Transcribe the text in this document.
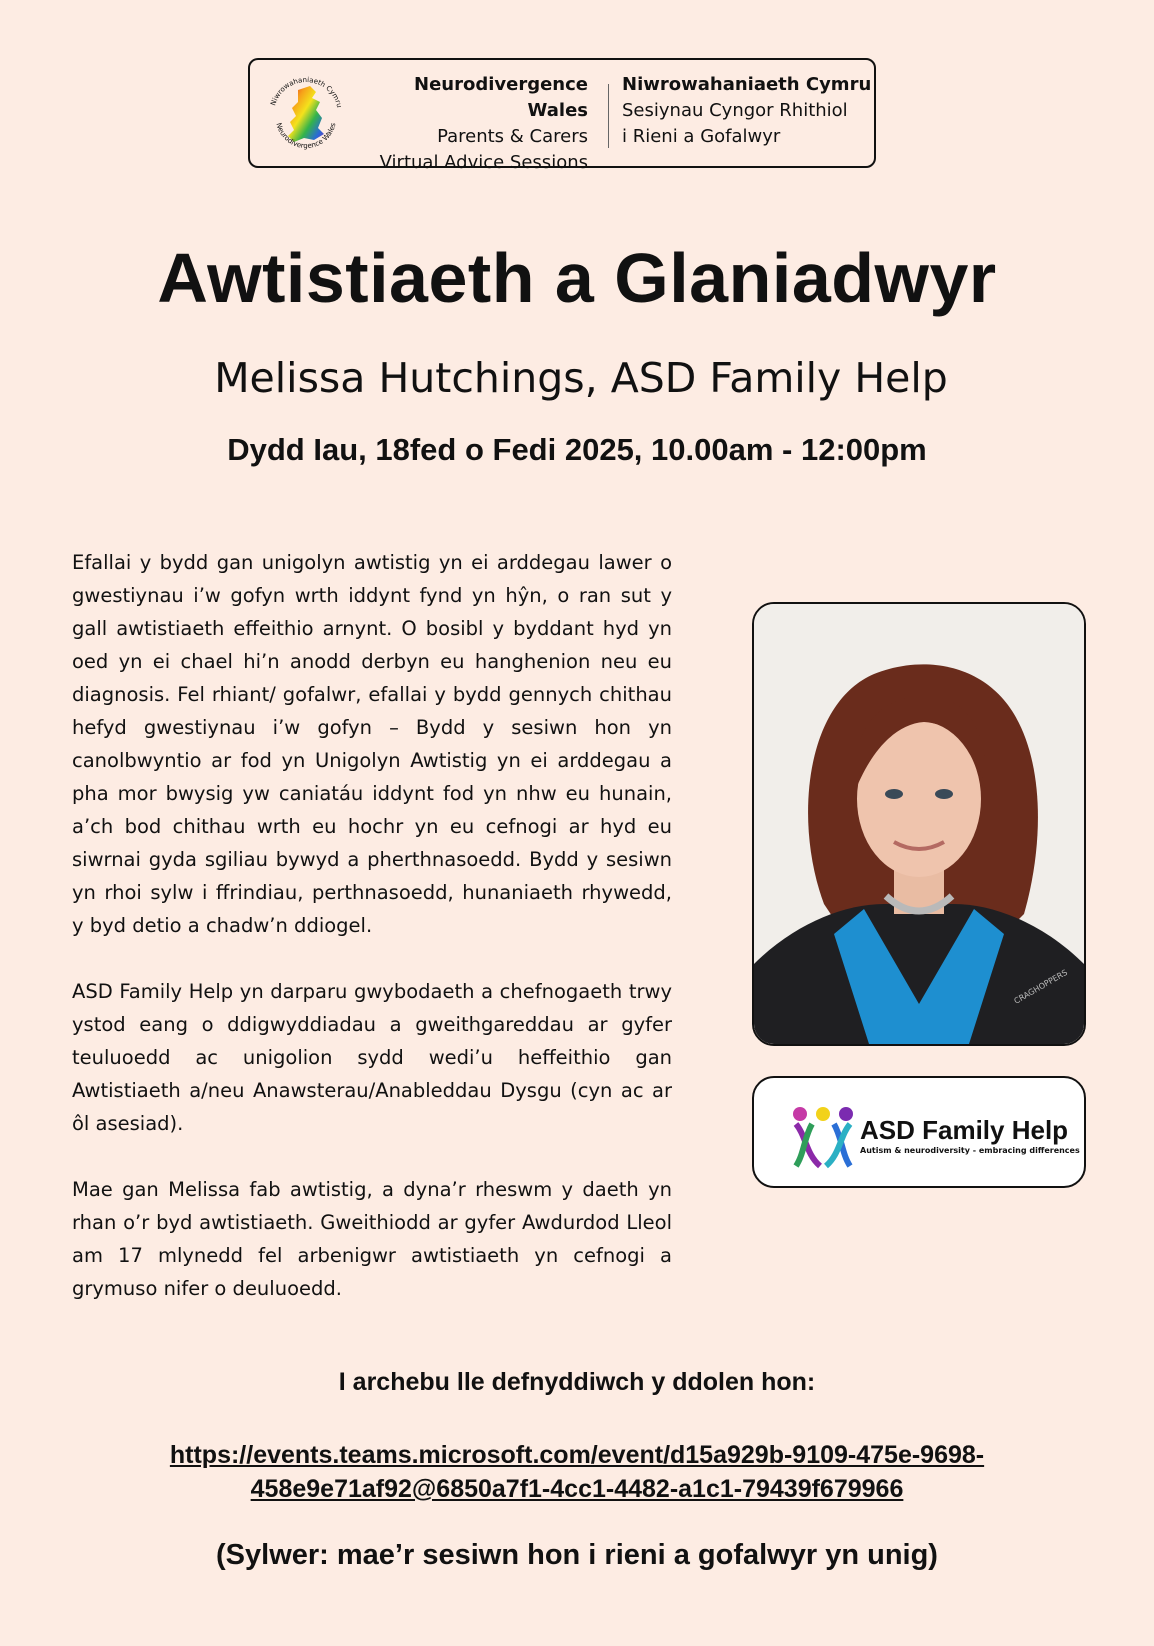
Niwrowahaniaeth Cymru
Neurodivergence Wales
Neurodivergence Wales
Parents & Carers
Virtual Advice Sessions
Niwrowahaniaeth Cymru
Sesiynau Cyngor Rhithiol
i Rieni a Gofalwyr
Awtistiaeth a Glaniadwyr
Melissa Hutchings, ASD Family Help
Dydd Iau, 18fed o Fedi 2025, 10.00am - 12:00pm

Efallai y bydd gan unigolyn awtistig yn ei arddegau lawer o gwestiynau i’w gofyn wrth iddynt fynd yn hŷn, o ran sut y gall awtistiaeth effeithio arnynt. O bosibl y byddant hyd yn oed yn ei chael hi’n anodd derbyn eu hanghenion neu eu diagnosis. Fel rhiant/ gofalwr, efallai y bydd gennych chithau hefyd gwestiynau i’w gofyn – Bydd y sesiwn hon yn canolbwyntio ar fod yn Unigolyn Awtistig yn ei arddegau a pha mor bwysig yw caniatáu iddynt fod yn nhw eu hunain, a’ch bod chithau wrth eu hochr yn eu cefnogi ar hyd eu siwrnai gyda sgiliau bywyd a pherthnasoedd. Bydd y sesiwn yn rhoi sylw i ffrindiau, perthnasoedd, hunaniaeth rhywedd, y byd detio a chadw’n ddiogel.

ASD Family Help yn darparu gwybodaeth a chefnogaeth trwy ystod eang o ddigwyddiadau a gweithgareddau ar gyfer teuluoedd ac unigolion sydd wedi’u heffeithio gan Awtistiaeth a/neu Anawsterau/Anableddau Dysgu (cyn ac ar ôl asesiad).

Mae gan Melissa fab awtistig, a dyna’r rheswm y daeth yn rhan o’r byd awtistiaeth. Gweithiodd ar gyfer Awdurdod Lleol am 17 mlynedd fel arbenigwr awtistiaeth yn cefnogi a grymuso nifer o deuluoedd.

CRAGHOPPERS
ASD Family Help
Autism & neurodiversity - embracing differences
I archebu lle defnyddiwch y ddolen hon:
https://events.teams.microsoft.com/event/d15a929b-9109-475e-9698-
458e9e71af92@6850a7f1-4cc1-4482-a1c1-79439f679966
(Sylwer: mae’r sesiwn hon i rieni a gofalwyr yn unig)
